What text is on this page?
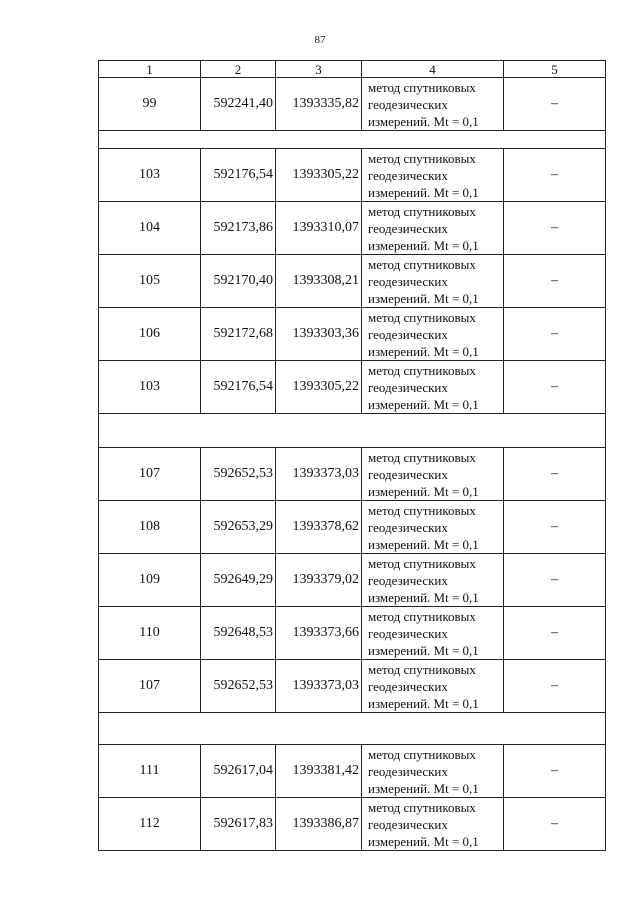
87
1	2	3	4	5
99	592241,40	1393335,82	метод спутниковых
геодезических
измерений. Mt = 0,1	–

103	592176,54	1393305,22	метод спутниковых
геодезических
измерений. Mt = 0,1	–
104	592173,86	1393310,07	метод спутниковых
геодезических
измерений. Mt = 0,1	–
105	592170,40	1393308,21	метод спутниковых
геодезических
измерений. Mt = 0,1	–
106	592172,68	1393303,36	метод спутниковых
геодезических
измерений. Mt = 0,1	–
103	592176,54	1393305,22	метод спутниковых
геодезических
измерений. Mt = 0,1	–

107	592652,53	1393373,03	метод спутниковых
геодезических
измерений. Mt = 0,1	–
108	592653,29	1393378,62	метод спутниковых
геодезических
измерений. Mt = 0,1	–
109	592649,29	1393379,02	метод спутниковых
геодезических
измерений. Mt = 0,1	–
110	592648,53	1393373,66	метод спутниковых
геодезических
измерений. Mt = 0,1	–
107	592652,53	1393373,03	метод спутниковых
геодезических
измерений. Mt = 0,1	–

111	592617,04	1393381,42	метод спутниковых
геодезических
измерений. Mt = 0,1	–
112	592617,83	1393386,87	метод спутниковых
геодезических
измерений. Mt = 0,1	–
